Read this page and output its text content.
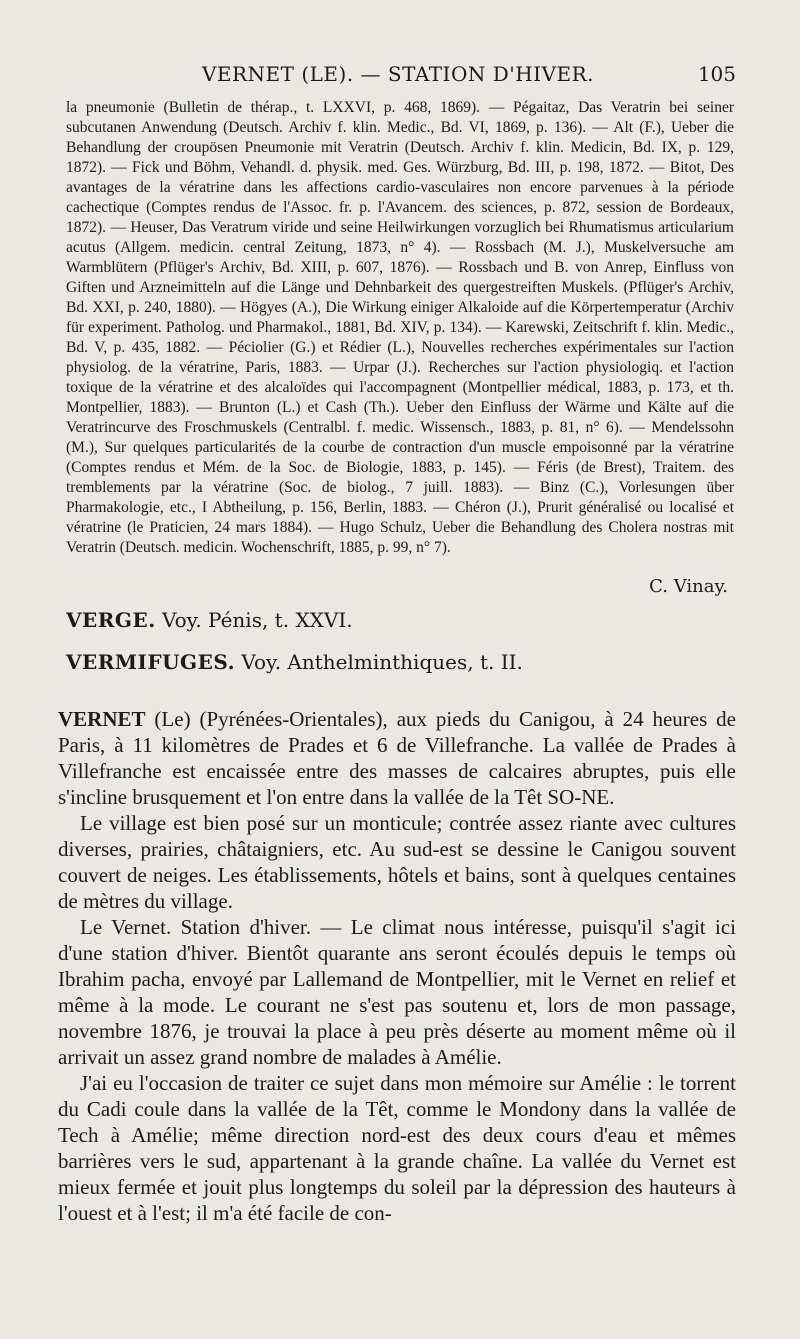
VERNET (LE). — STATION D'HIVER.	105

la pneumonie (Bulletin de thérap., t. LXXVI, p. 468, 1869). — Pégaitaz, Das Veratrin bei seiner subcutanen Anwendung (Deutsch. Archiv f. klin. Medic., Bd. VI, 1869, p. 136). — Alt (F.), Ueber die Behandlung der croupösen Pneumonie mit Veratrin (Deutsch. Archiv f. klin. Medicin, Bd. IX, p. 129, 1872). — Fick und Böhm, Vehandl. d. physik. med. Ges. Würzburg, Bd. III, p. 198, 1872. — Bitot, Des avantages de la vératrine dans les affections cardio-vasculaires non encore parvenues à la période cachectique (Comptes rendus de l'Assoc. fr. p. l'Avancem. des sciences, p. 872, session de Bordeaux, 1872). — Heuser, Das Veratrum viride und seine Heilwirkungen vorzuglich bei Rhumatismus articularium acutus (Allgem. medicin. central Zeitung, 1873, n° 4). — Rossbach (M. J.), Muskelversuche am Warmblütern (Pflüger's Archiv, Bd. XIII, p. 607, 1876). — Rossbach und B. von Anrep, Einfluss von Giften und Arzneimitteln auf die Länge und Dehnbarkeit des quergestreiften Muskels. (Pflüger's Archiv, Bd. XXI, p. 240, 1880). — Högyes (A.), Die Wirkung einiger Alkaloide auf die Körpertemperatur (Archiv für experiment. Patholog. und Pharmakol., 1881, Bd. XIV, p. 134). — Karewski, Zeitschrift f. klin. Medic., Bd. V, p. 435, 1882. — Péciolier (G.) et Rédier (L.), Nouvelles recherches expérimentales sur l'action physiolog. de la vératrine, Paris, 1883. — Urpar (J.). Recherches sur l'action physiologiq. et l'action toxique de la vératrine et des alcaloïdes qui l'accompagnent (Montpellier médical, 1883, p. 173, et th. Montpellier, 1883). — Brunton (L.) et Cash (Th.). Ueber den Einfluss der Wärme und Kälte auf die Veratrincurve des Froschmuskels (Centralbl. f. medic. Wissensch., 1883, p. 81, n° 6). — Mendelssohn (M.), Sur quelques particularités de la courbe de contraction d'un muscle empoisonné par la vératrine (Comptes rendus et Mém. de la Soc. de Biologie, 1883, p. 145). — Féris (de Brest), Traitem. des tremblements par la vératrine (Soc. de biolog., 7 juill. 1883). — Binz (C.), Vorlesungen über Pharmakologie, etc., I Abtheilung, p. 156, Berlin, 1883. — Chéron (J.), Prurit généralisé ou localisé et vératrine (le Praticien, 24 mars 1884). — Hugo Schulz, Ueber die Behandlung des Cholera nostras mit Veratrin (Deutsch. medicin. Wochenschrift, 1885, p. 99, n° 7).

C. Vinay.
VERGE. Voy. Pénis, t. XXVI.
VERMIFUGES. Voy. Anthelminthiques, t. II.

VERNET (Le) (Pyrénées-Orientales), aux pieds du Canigou, à 24 heures de Paris, à 11 kilomètres de Prades et 6 de Villefranche. La vallée de Prades à Villefranche est encaissée entre des masses de calcaires abruptes, puis elle s'incline brusquement et l'on entre dans la vallée de la Têt SO-NE.

Le village est bien posé sur un monticule; contrée assez riante avec cultures diverses, prairies, châtaigniers, etc. Au sud-est se dessine le Canigou souvent couvert de neiges. Les établissements, hôtels et bains, sont à quelques centaines de mètres du village.

Le Vernet. Station d'hiver. — Le climat nous intéresse, puisqu'il s'agit ici d'une station d'hiver. Bientôt quarante ans seront écoulés depuis le temps où Ibrahim pacha, envoyé par Lallemand de Montpellier, mit le Vernet en relief et même à la mode. Le courant ne s'est pas soutenu et, lors de mon passage, novembre 1876, je trouvai la place à peu près déserte au moment même où il arrivait un assez grand nombre de malades à Amélie.

J'ai eu l'occasion de traiter ce sujet dans mon mémoire sur Amélie : le torrent du Cadi coule dans la vallée de la Têt, comme le Mondony dans la vallée de Tech à Amélie; même direction nord-est des deux cours d'eau et mêmes barrières vers le sud, appartenant à la grande chaîne. La vallée du Vernet est mieux fermée et jouit plus longtemps du soleil par la dépression des hauteurs à l'ouest et à l'est; il m'a été facile de con-
